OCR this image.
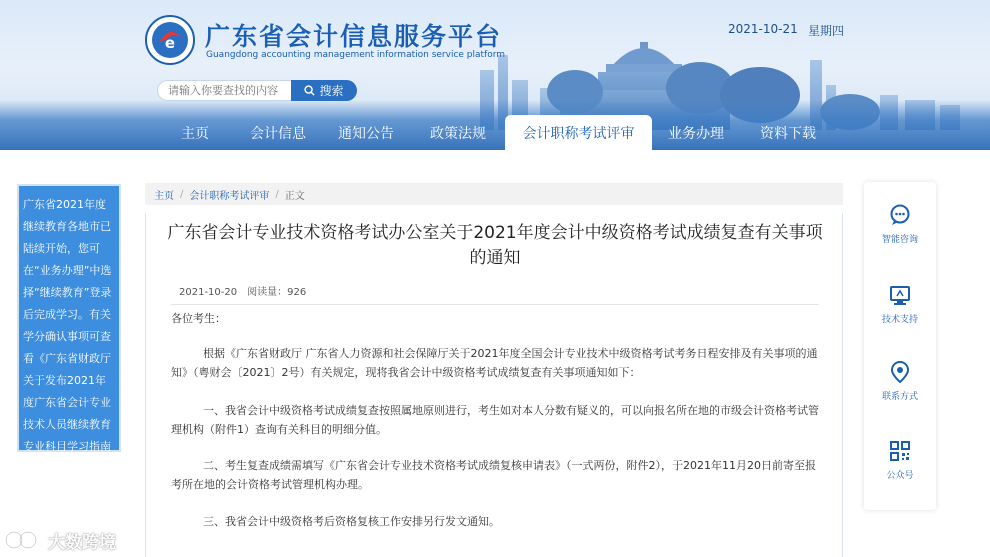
e 广东省会计信息服务平台
Guangdong accounting management information service platform
2021-10-21 星期四
请输入你要查找的内容
搜索
主页	会计信息	通知公告	政策法规	会计职称考试评审	业务办理	资料下载
广东省2021年度继续教育各地市已陆续开始，您可在“业务办理”中选择“继续教育”登录后完成学习。有关学分确认事项可查看《广东省财政厅关于发布2021年度广东省会计专业技术人员继续教育专业科目学习指南的通知》。
主页 / 会计职称考试评审 / 正文
广东省会计专业技术资格考试办公室关于2021年度会计中级资格考试成绩复查有关事项的通知
2021-10-20 阅读量：926
各位考生：
根据《广东省财政厅 广东省人力资源和社会保障厅关于2021年度全国会计专业技术中级资格考试考务日程安排及有关事项的通知》（粤财会〔2021〕2号）有关规定，现将我省会计中级资格考试成绩复查有关事项通知如下：
一、我省会计中级资格考试成绩复查按照属地原则进行，考生如对本人分数有疑义的，可以向报名所在地的市级会计资格考试管理机构（附件1）查询有关科目的明细分值。
二、考生复查成绩需填写《广东省会计专业技术资格考试成绩复核申请表》（一式两份，附件2），于2021年11月20日前寄至报考所在地的会计资格考试管理机构办理。
三、我省会计中级资格考后资格复核工作安排另行发文通知。
智能咨询
技术支持
联系方式
公众号
大数跨境
